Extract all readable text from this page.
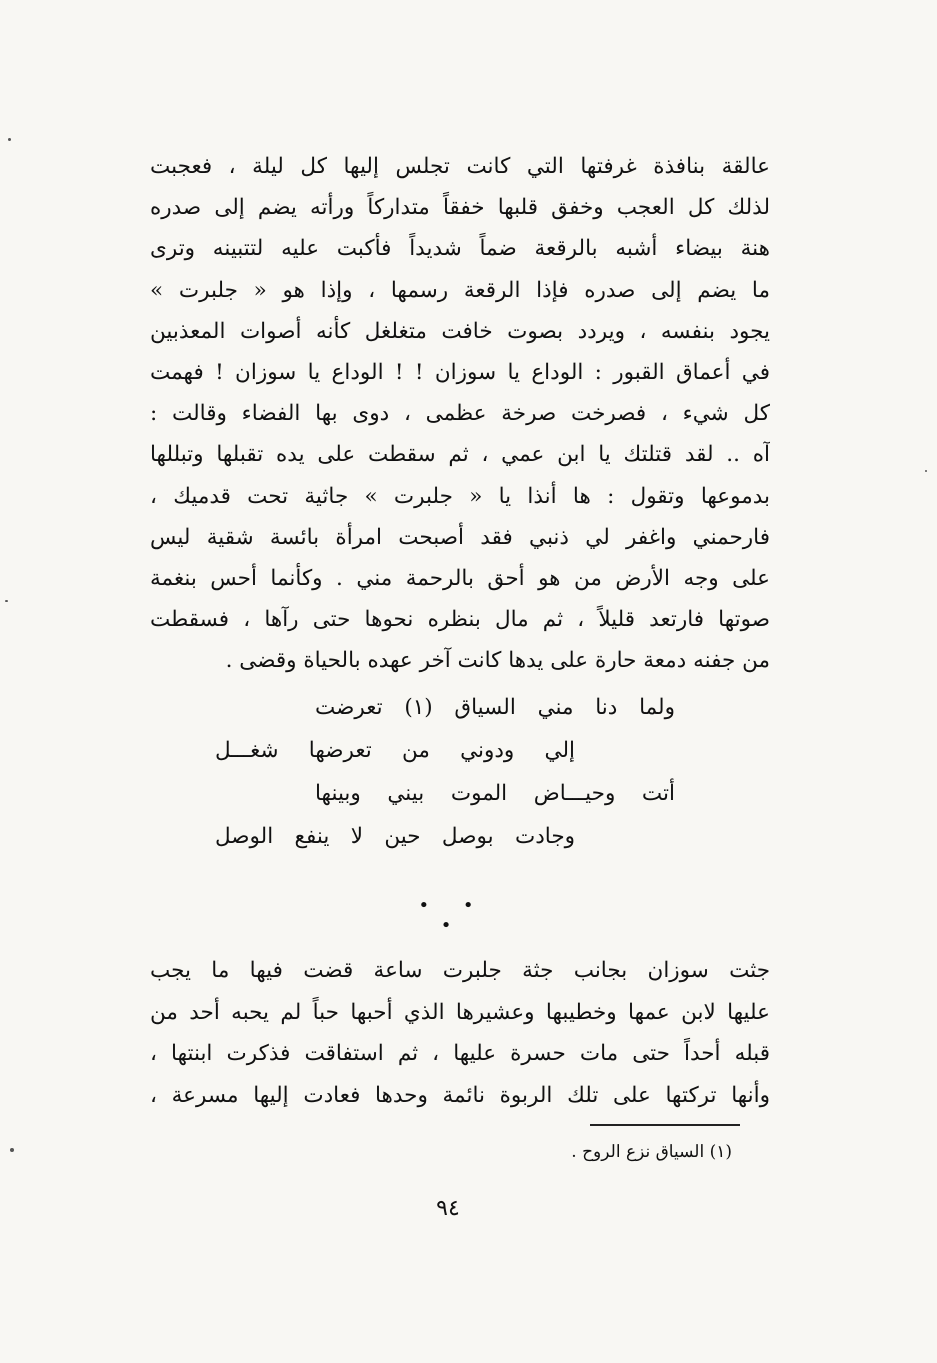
عالقة بنافذة غرفتها التي كانت تجلس إليها كل ليلة ، فعجبت
لذلك كل العجب وخفق قلبها خفقاً متداركاً ورأته يضم إلى صدره
هنة بيضاء أشبه بالرقعة ضماً شديداً فأكبت عليه لتتبينه وترى
ما يضم إلى صدره فإذا الرقعة رسمها ، وإذا هو « جلبرت »
يجود بنفسه ، ويردد بصوت خافت متغلغل كأنه أصوات المعذبين
في أعماق القبور : الوداع يا سوزان ! ! الوداع يا سوزان ! فهمت
كل شيء ، فصرخت صرخة عظمى ، دوى بها الفضاء وقالت :
آه .. لقد قتلتك يا ابن عمي ، ثم سقطت على يده تقبلها وتبللها
بدموعها وتقول : ها أنذا يا « جلبرت » جاثية تحت قدميك ،
فارحمني واغفر لي ذنبي فقد أصبحت امرأة بائسة شقية ليس
على وجه الأرض من هو أحق بالرحمة مني . وكأنما أحس بنغمة
صوتها فارتعد قليلاً ، ثم مال بنظره نحوها حتى رآها ، فسقطت
من جفنه دمعة حارة على يدها كانت آخر عهده بالحياة وقضى .
ولما دنا مني السياق (١) تعرضت
إلي ودوني من تعرضها شغـــل
أتت وحيـــاض الموت بيني وبينها
وجادت بوصل حين لا ينفع الوصل
• • •
جثت سوزان بجانب جثة جلبرت ساعة قضت فيها ما يجب
عليها لابن عمها وخطيبها وعشيرها الذي أحبها حباً لم يحبه أحد من
قبله أحداً حتى مات حسرة عليها ، ثم استفاقت فذكرت ابنتها ،
وأنها تركتها على تلك الربوة نائمة وحدها فعادت إليها مسرعة ،
(١) السياق نزع الروح .
٩٤
